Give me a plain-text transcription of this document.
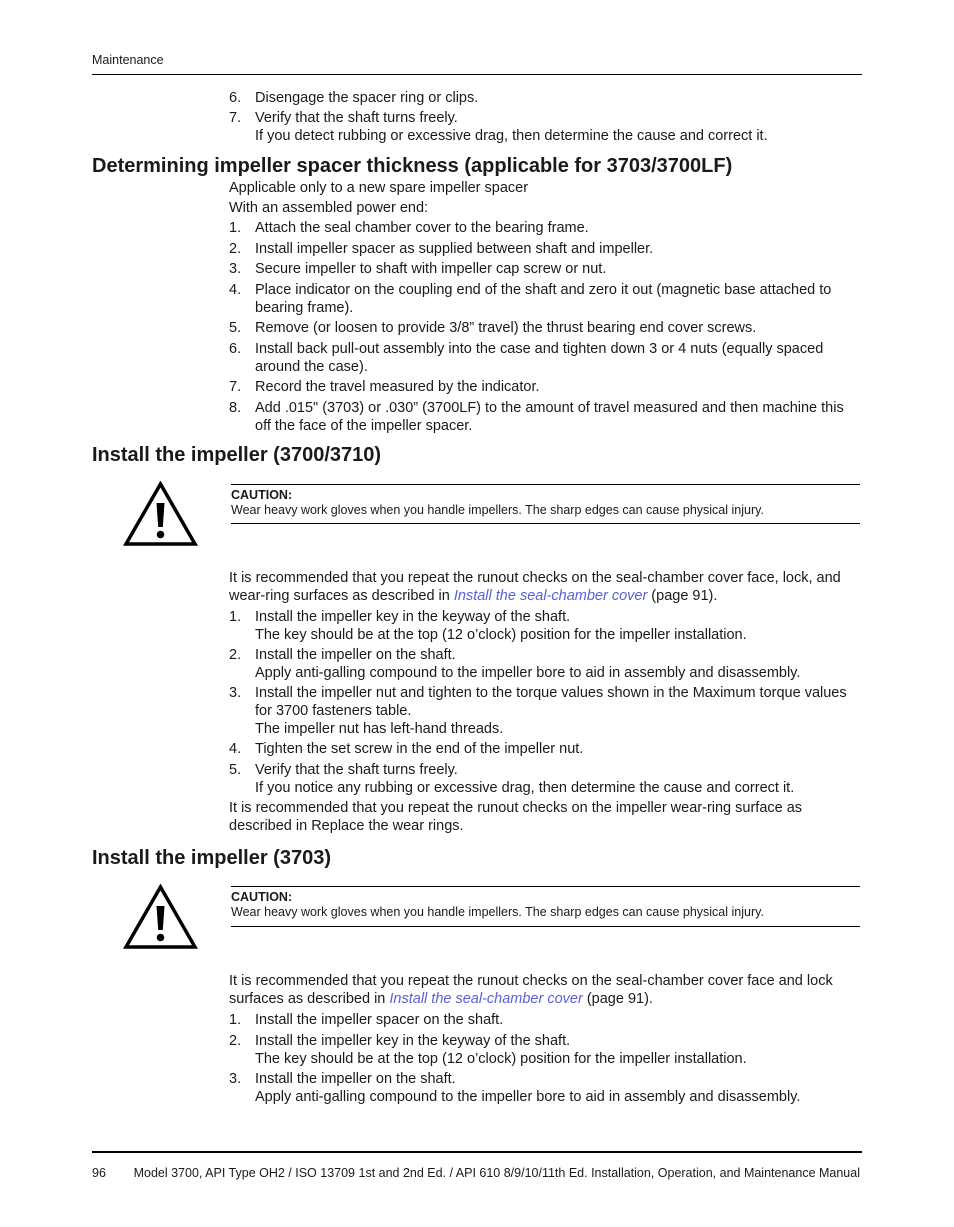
Maintenance
6. Disengage the spacer ring or clips.
7. Verify that the shaft turns freely.
If you detect rubbing or excessive drag, then determine the cause and correct it.
Determining impeller spacer thickness (applicable for 3703/3700LF)
Applicable only to a new spare impeller spacer
With an assembled power end:
1. Attach the seal chamber cover to the bearing frame.
2. Install impeller spacer as supplied between shaft and impeller.
3. Secure impeller to shaft with impeller cap screw or nut.
4. Place indicator on the coupling end of the shaft and zero it out (magnetic base attached to bearing frame).
5. Remove (or loosen to provide 3/8” travel) the thrust bearing end cover screws.
6. Install back pull-out assembly into the case and tighten down 3 or 4 nuts (equally spaced around the case).
7. Record the travel measured by the indicator.
8. Add .015" (3703) or .030” (3700LF) to the amount of travel measured and then machine this off the face of the impeller spacer.
Install the impeller (3700/3710)
CAUTION:
Wear heavy work gloves when you handle impellers. The sharp edges can cause physical injury.
It is recommended that you repeat the runout checks on the seal-chamber cover face, lock, and wear-ring surfaces as described in Install the seal-chamber cover (page 91).
1. Install the impeller key in the keyway of the shaft.
The key should be at the top (12 o’clock) position for the impeller installation.
2. Install the impeller on the shaft.
Apply anti-galling compound to the impeller bore to aid in assembly and disassembly.
3. Install the impeller nut and tighten to the torque values shown in the Maximum torque values for 3700 fasteners table.
The impeller nut has left-hand threads.
4. Tighten the set screw in the end of the impeller nut.
5. Verify that the shaft turns freely.
If you notice any rubbing or excessive drag, then determine the cause and correct it.
It is recommended that you repeat the runout checks on the impeller wear-ring surface as described in Replace the wear rings.
Install the impeller (3703)
CAUTION:
Wear heavy work gloves when you handle impellers. The sharp edges can cause physical injury.
It is recommended that you repeat the runout checks on the seal-chamber cover face and lock surfaces as described in Install the seal-chamber cover (page 91).
1. Install the impeller spacer on the shaft.
2. Install the impeller key in the keyway of the shaft.
The key should be at the top (12 o’clock) position for the impeller installation.
3. Install the impeller on the shaft.
Apply anti-galling compound to the impeller bore to aid in assembly and disassembly.
96	Model 3700, API Type OH2 / ISO 13709 1st and 2nd Ed. / API 610 8/9/10/11th Ed. Installation, Operation, and Maintenance Manual
